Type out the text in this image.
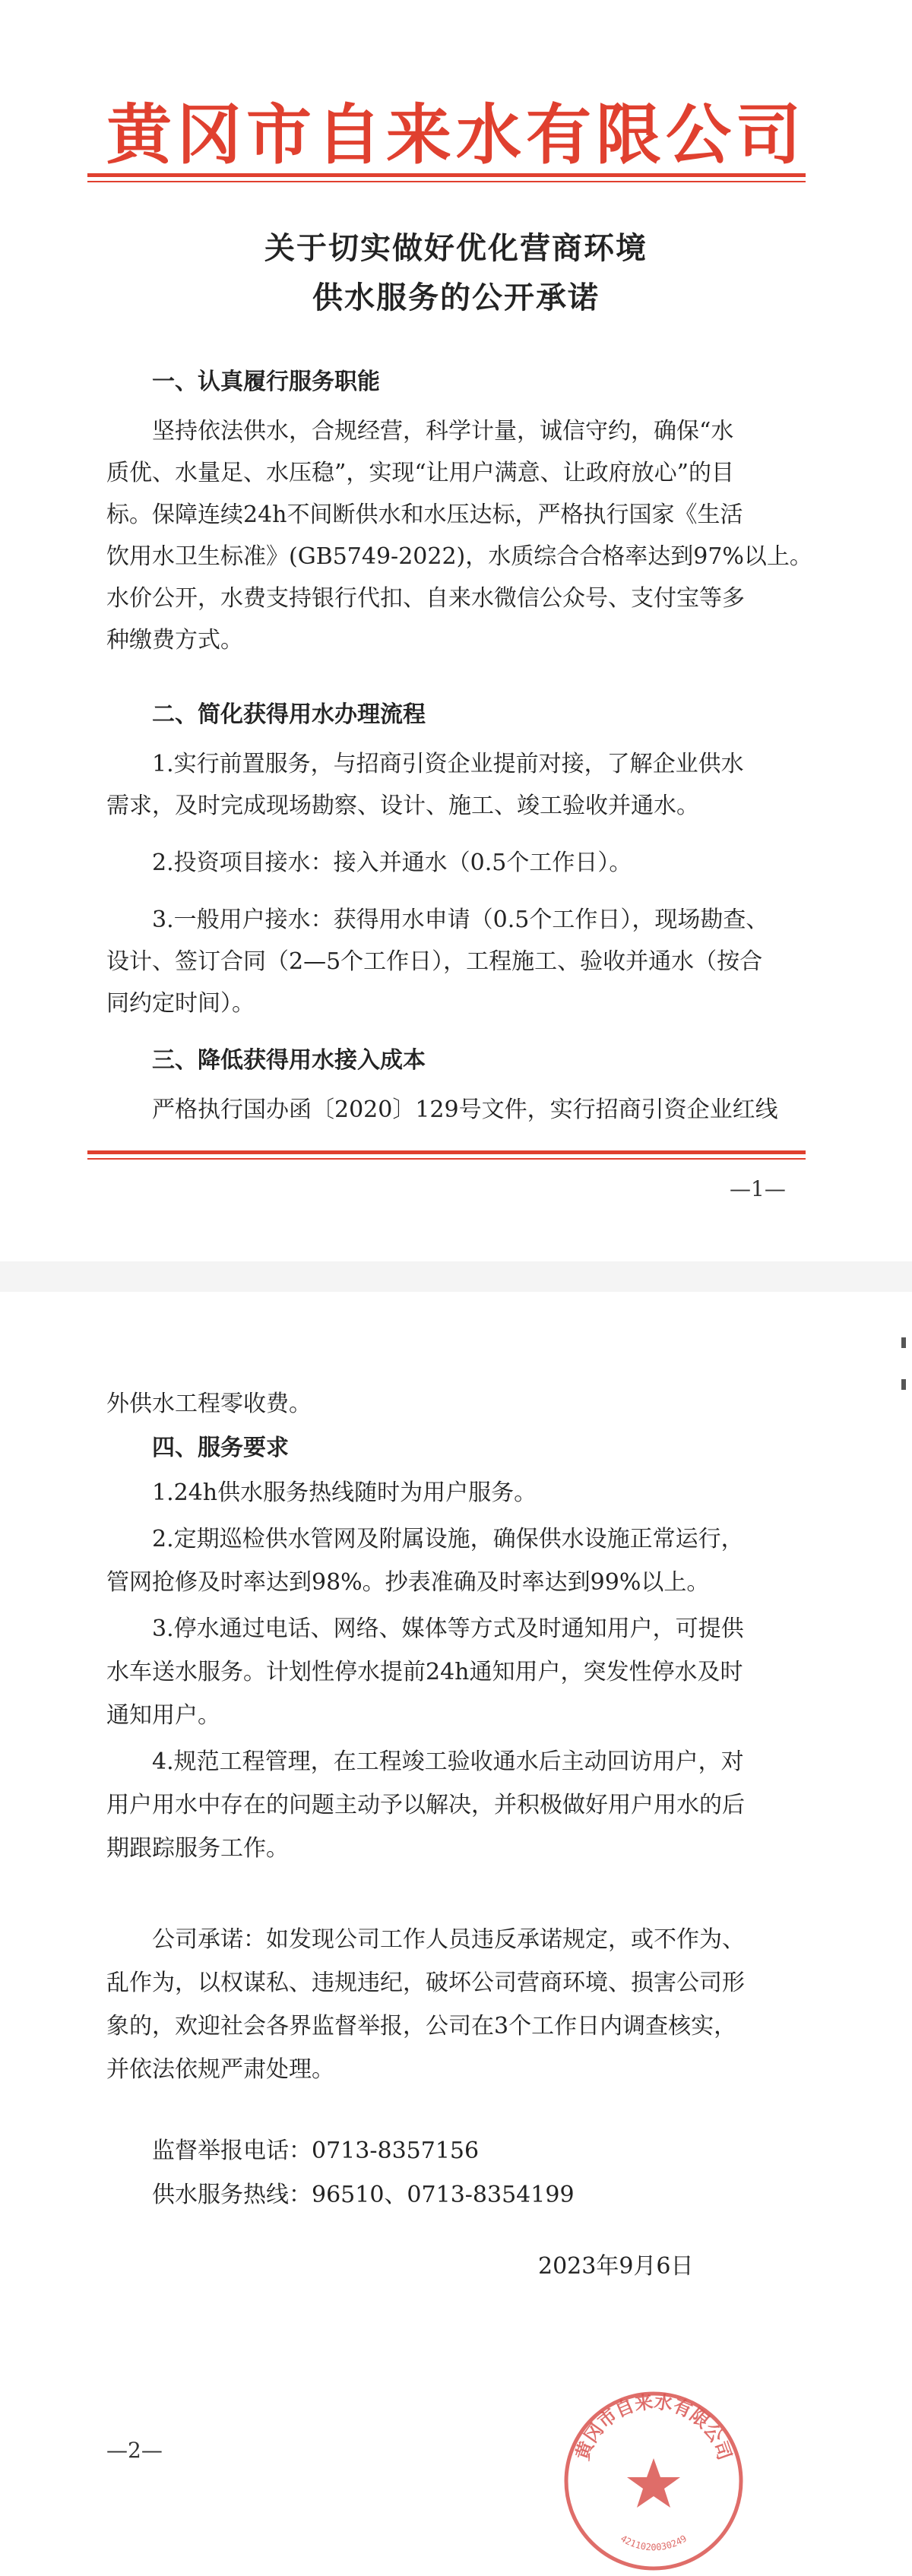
黄冈市自来水有限公司
关于切实做好优化营商环境
供水服务的公开承诺
一、认真履行服务职能
坚持依法供水，合规经营，科学计量，诚信守约，确保“水
质优、水量足、水压稳”，实现“让用户满意、让政府放心”的目
标。保障连续24h不间断供水和水压达标，严格执行国家《生活
饮用水卫生标准》(GB5749-2022)，水质综合合格率达到97%以上。
水价公开，水费支持银行代扣、自来水微信公众号、支付宝等多
种缴费方式。
二、简化获得用水办理流程
1.实行前置服务，与招商引资企业提前对接，了解企业供水
需求，及时完成现场勘察、设计、施工、竣工验收并通水。
2.投资项目接水：接入并通水（0.5个工作日）。
3.一般用户接水：获得用水申请（0.5个工作日），现场勘查、
设计、签订合同（2—5个工作日），工程施工、验收并通水（按合
同约定时间）。
三、降低获得用水接入成本
严格执行国办函〔2020〕129号文件，实行招商引资企业红线
—1—
外供水工程零收费。
四、服务要求
1.24h供水服务热线随时为用户服务。
2.定期巡检供水管网及附属设施，确保供水设施正常运行，
管网抢修及时率达到98%。抄表准确及时率达到99%以上。
3.停水通过电话、网络、媒体等方式及时通知用户，可提供
水车送水服务。计划性停水提前24h通知用户，突发性停水及时
通知用户。
4.规范工程管理，在工程竣工验收通水后主动回访用户，对
用户用水中存在的问题主动予以解决，并积极做好用户用水的后
期跟踪服务工作。
公司承诺：如发现公司工作人员违反承诺规定，或不作为、
乱作为，以权谋私、违规违纪，破坏公司营商环境、损害公司形
象的，欢迎社会各界监督举报，公司在3个工作日内调查核实，
并依法依规严肃处理。
监督举报电话：0713-8357156
供水服务热线：96510、0713-8354199
2023年9月6日
—2—	黄冈市自来水有限公司
4211020030249
